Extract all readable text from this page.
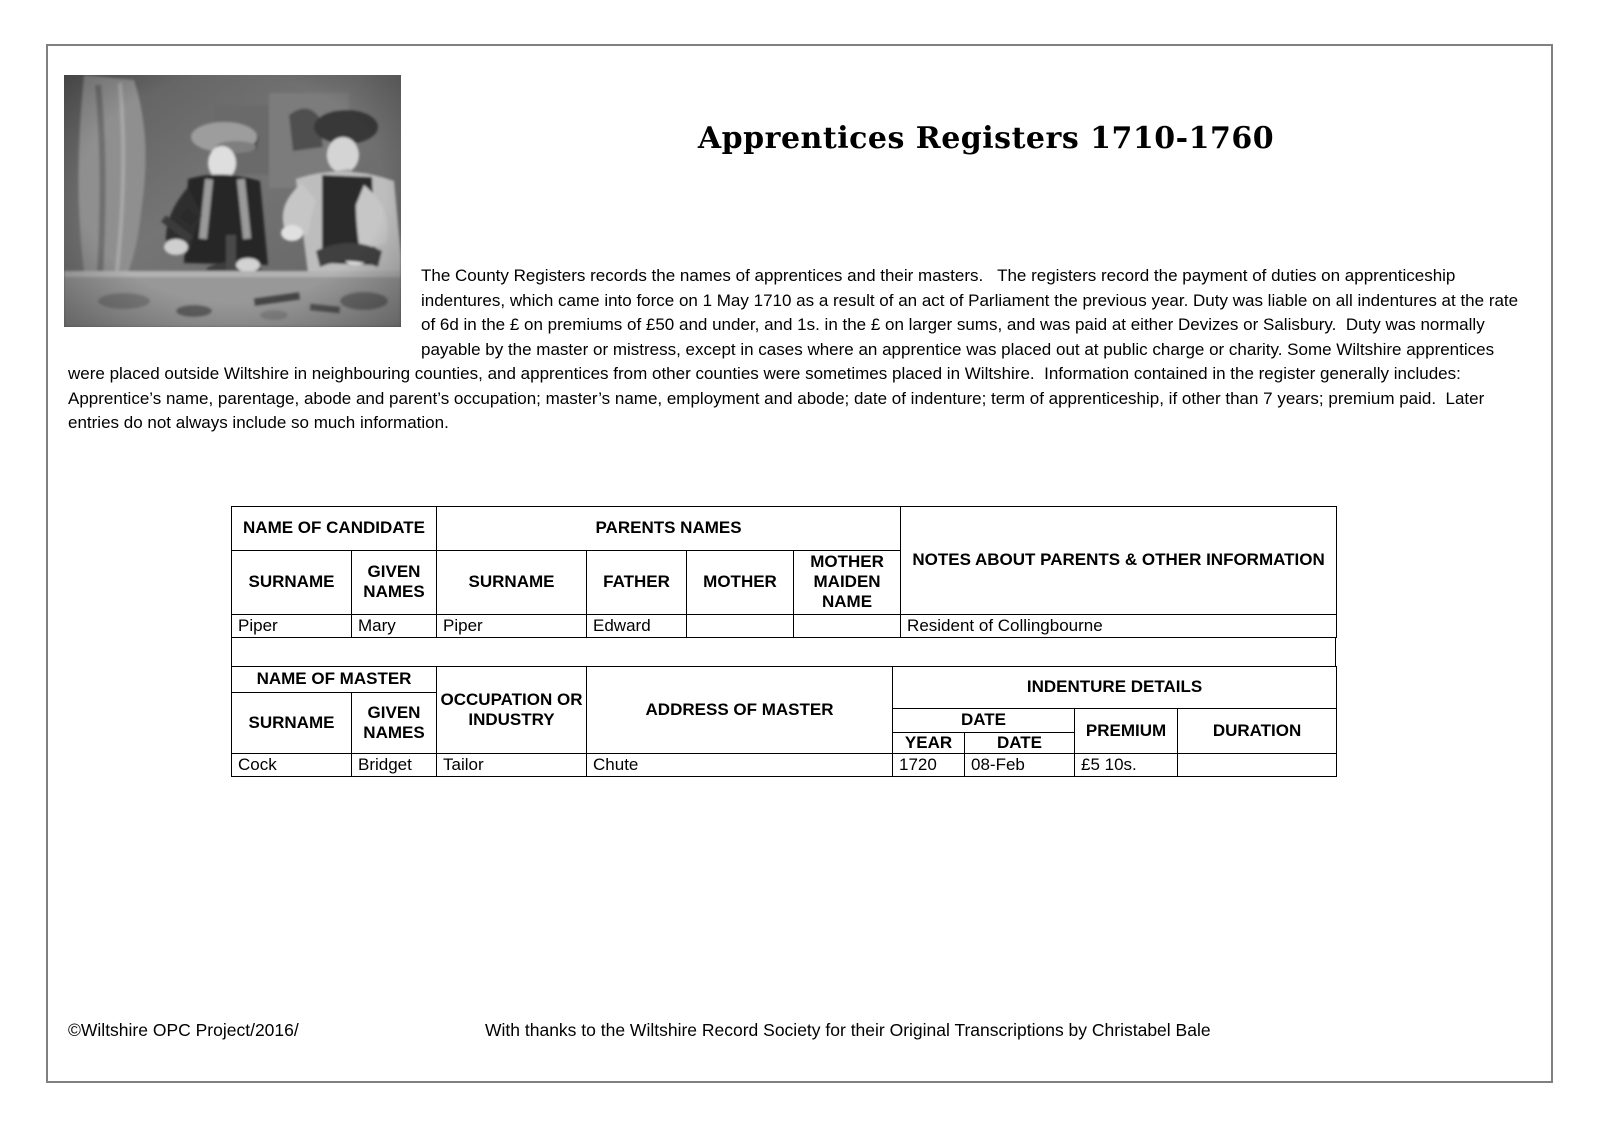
Apprentices Registers 1710-1760
The County Registers records the names of apprentices and their masters.   The registers record the payment of duties on apprenticeship indentures, which came into force on 1 May 1710 as a result of an act of Parliament the previous year. Duty was liable on all indentures at the rate of 6d in the £ on premiums of £50 and under, and 1s. in the £ on larger sums, and was paid at either Devizes or Salisbury.  Duty was normally payable by the master or mistress, except in cases where an apprentice was placed out at public charge or charity. Some Wiltshire apprentices were placed outside Wiltshire in neighbouring counties, and apprentices from other counties were sometimes placed in Wiltshire.  Information contained in the register generally includes: Apprentice’s name, parentage, abode and parent’s occupation; master’s name, employment and abode; date of indenture; term of apprenticeship, if other than 7 years; premium paid.  Later entries do not always include so much information.
NAME OF CANDIDATE		PARENTS NAMES				NOTES ABOUT PARENTS & OTHER INFORMATION
SURNAME	GIVEN NAMES	SURNAME	FATHER	MOTHER	MOTHER MAIDEN NAME	
Piper	Mary	Piper	Edward			Resident of Collingbourne
NAME OF MASTER		OCCUPATION OR INDUSTRY	ADDRESS OF MASTER	INDENTURE DETAILS			
SURNAME	GIVEN NAMES						
				DATE		PREMIUM	DURATION
				YEAR	DATE		
Cock	Bridget	Tailor	Chute	1720	08-Feb	£5 10s.	
©Wiltshire OPC Project/2016/	With thanks to the Wiltshire Record Society for their Original Transcriptions by Christabel Bale
